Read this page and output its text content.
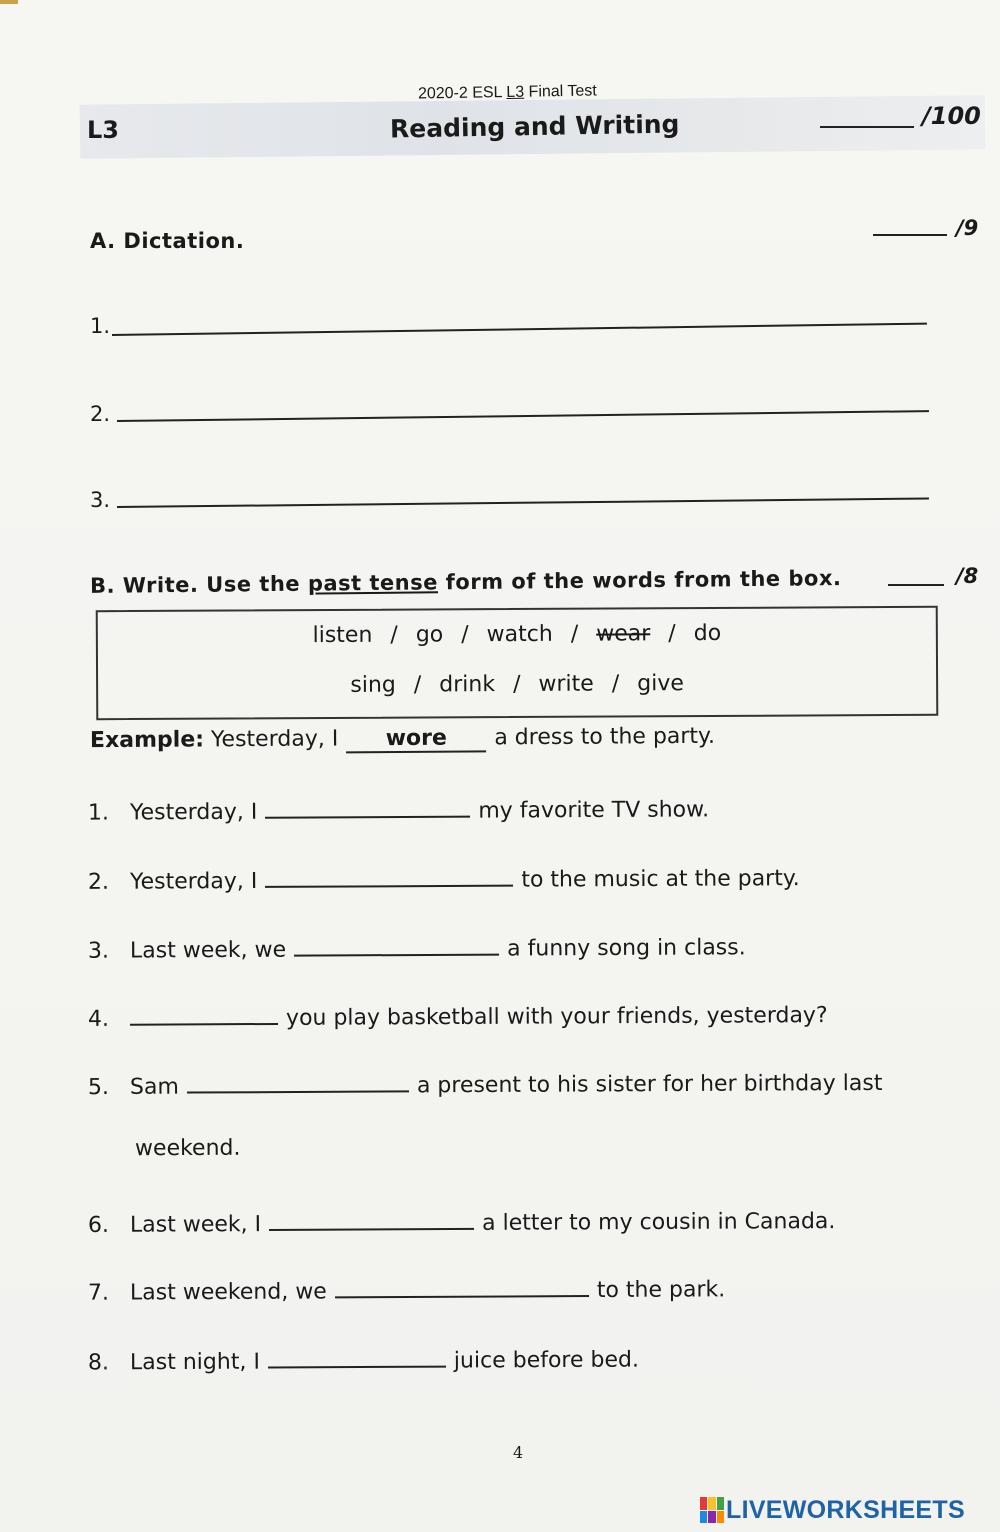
2020-2 ESL L3 Final Test
L3	Reading and Writing	/100
A. Dictation.
/9
1.
2.
3.
B. Write. Use the past tense form of the words from the box.	/8
listen / go / watch / wear / do
sing / drink / write / give
Example: Yesterday, I wore a dress to the party.
1. Yesterday, I	my favorite TV show.
2. Yesterday, I	to the music at the party.
3. Last week, we	a funny song in class.
4.	you play basketball with your friends, yesterday?
5. Sam	a present to his sister for her birthday last
weekend.
6. Last week, I	a letter to my cousin in Canada.
7. Last weekend, we	to the park.
8. Last night, I	juice before bed.
4
LIVEWORKSHEETS
